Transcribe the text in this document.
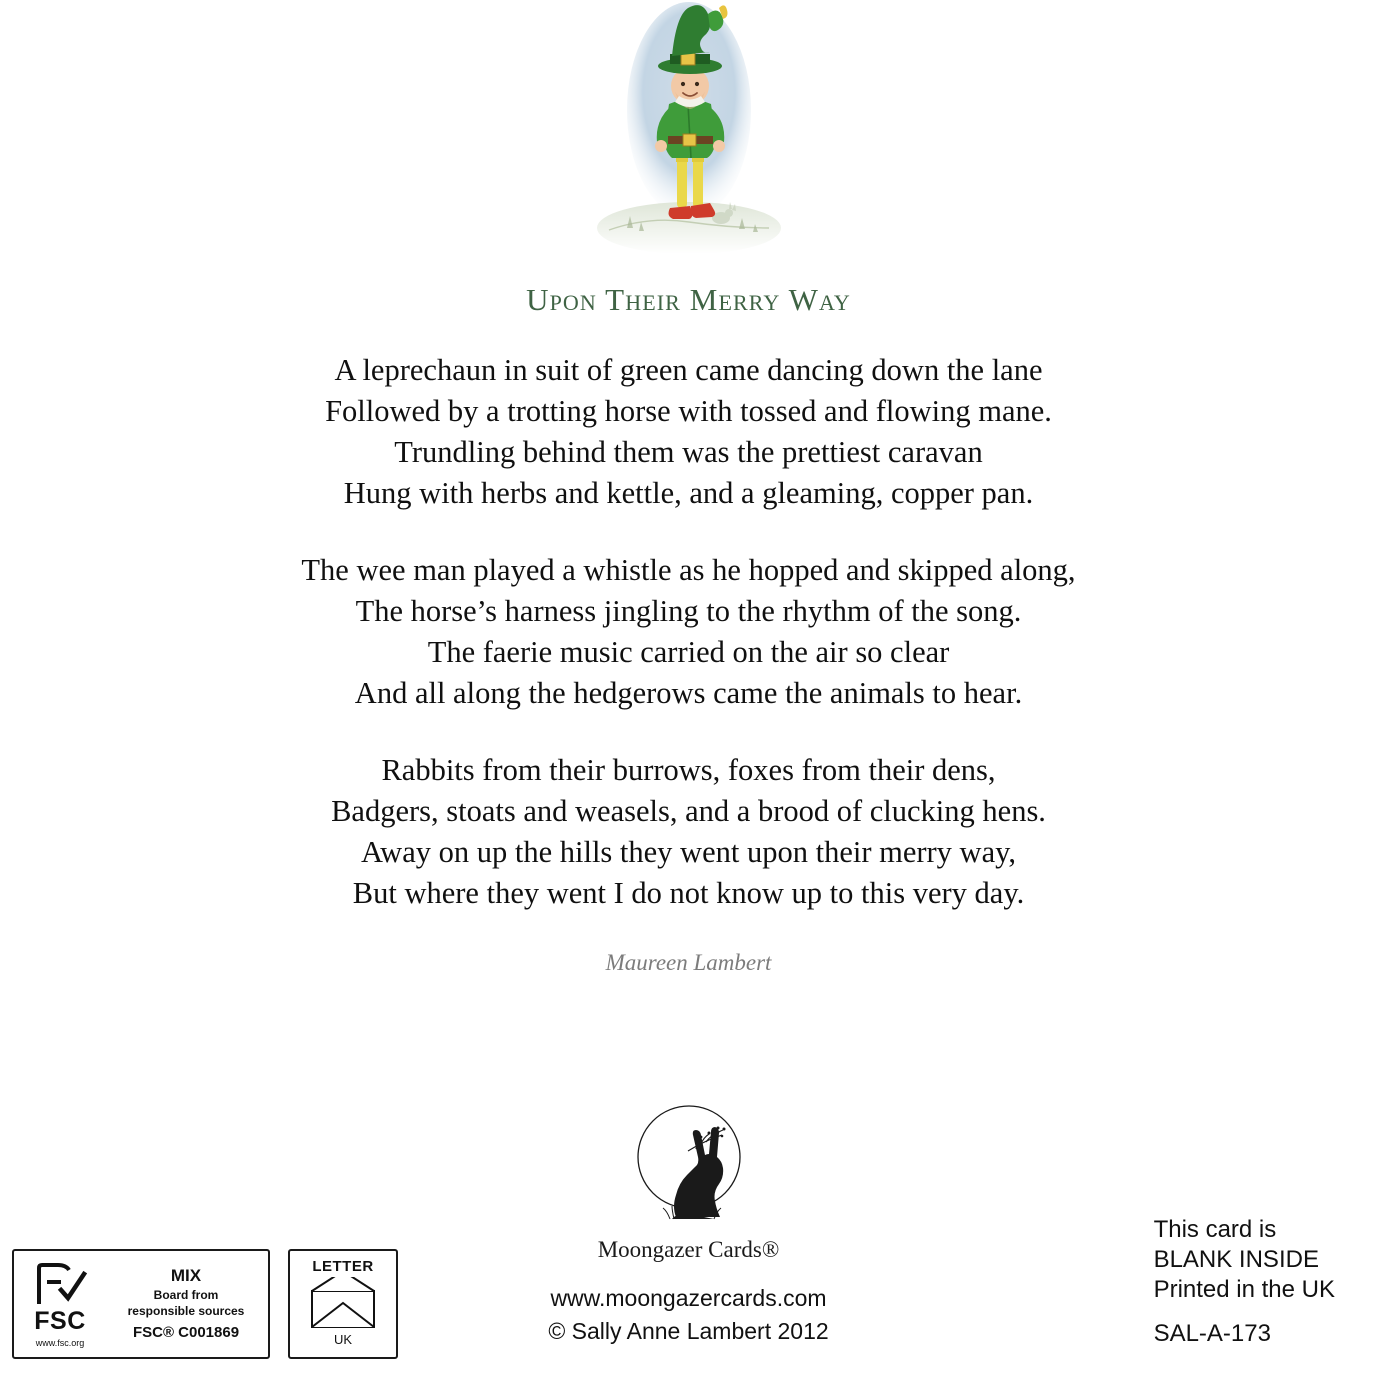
Upon Their Merry Way
A leprechaun in suit of green came dancing down the lane
Followed by a trotting horse with tossed and flowing mane.
Trundling behind them was the prettiest caravan
Hung with herbs and kettle, and a gleaming, copper pan.
The wee man played a whistle as he hopped and skipped along,
The horse’s harness jingling to the rhythm of the song.
The faerie music carried on the air so clear
And all along the hedgerows came the animals to hear.
Rabbits from their burrows, foxes from their dens,
Badgers, stoats and weasels, and a brood of clucking hens.
Away on up the hills they went upon their merry way,
But where they went I do not know up to this very day.
Maureen Lambert
Moongazer Cards®
www.moongazercards.com
© Sally Anne Lambert 2012
This card is
BLANK INSIDE
Printed in the UK
SAL-A-173
FSC
www.fsc.org
MIX
Board from
responsible sources
FSC® C001869
LETTER
UK
